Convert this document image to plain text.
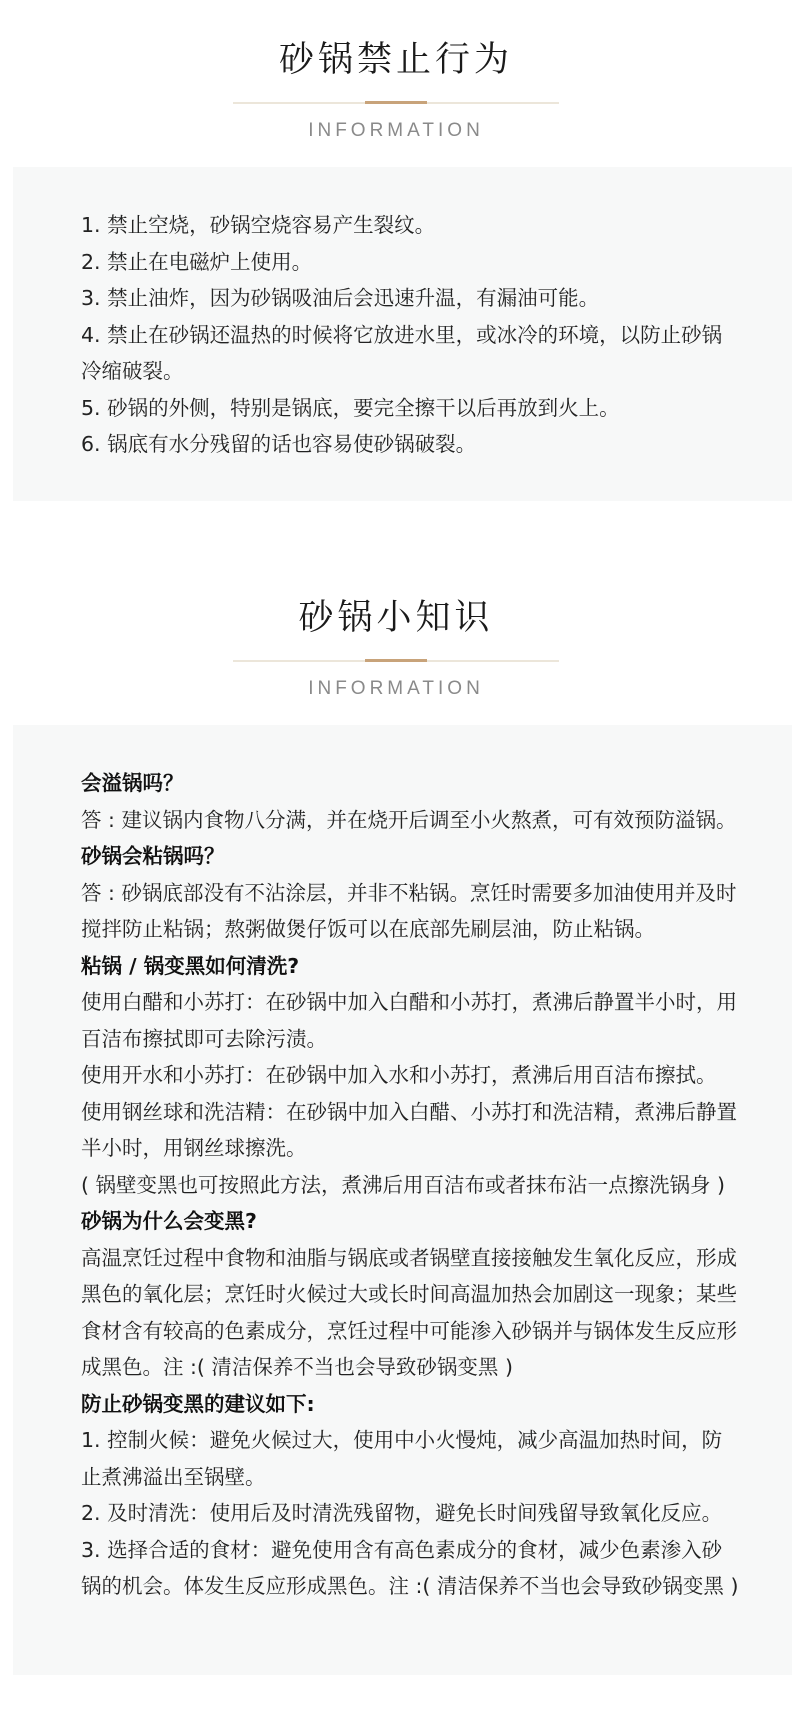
砂锅禁止行为
INFORMATION

1. 禁止空烧，砂锅空烧容易产生裂纹。

2. 禁止在电磁炉上使用。

3. 禁止油炸，因为砂锅吸油后会迅速升温，有漏油可能。

4. 禁止在砂锅还温热的时候将它放进水里，或冰冷的环境，以防止砂锅冷缩破裂。

5. 砂锅的外侧，特别是锅底，要完全擦干以后再放到火上。

6. 锅底有水分残留的话也容易使砂锅破裂。

砂锅小知识
INFORMATION

会溢锅吗？

答 : 建议锅内食物八分满，并在烧开后调至小火熬煮，可有效预防溢锅。

砂锅会粘锅吗？

答 : 砂锅底部没有不沾涂层，并非不粘锅。烹饪时需要多加油使用并及时搅拌防止粘锅；熬粥做煲仔饭可以在底部先刷层油，防止粘锅。

粘锅 / 锅变黑如何清洗?

使用白醋和小苏打：在砂锅中加入白醋和小苏打，煮沸后静置半小时，用百洁布擦拭即可去除污渍。

使用开水和小苏打：在砂锅中加入水和小苏打，煮沸后用百洁布擦拭。

使用钢丝球和洗洁精：在砂锅中加入白醋、小苏打和洗洁精，煮沸后静置半小时，用钢丝球擦洗。

( 锅壁变黑也可按照此方法，煮沸后用百洁布或者抹布沾一点擦洗锅身 )

砂锅为什么会变黑?

高温烹饪过程中食物和油脂与锅底或者锅壁直接接触发生氧化反应，形成黑色的氧化层；烹饪时火候过大或长时间高温加热会加剧这一现象；某些食材含有较高的色素成分，烹饪过程中可能渗入砂锅并与锅体发生反应形成黑色。注 :( 清洁保养不当也会导致砂锅变黑 )

防止砂锅变黑的建议如下:

1. 控制火候：避免火候过大，使用中小火慢炖，减少高温加热时间，防止煮沸溢出至锅壁。

2. 及时清洗：使用后及时清洗残留物，避免长时间残留导致氧化反应。

3. 选择合适的食材：避免使用含有高色素成分的食材，减少色素渗入砂锅的机会。体发生反应形成黑色。注 :( 清洁保养不当也会导致砂锅变黑 )
